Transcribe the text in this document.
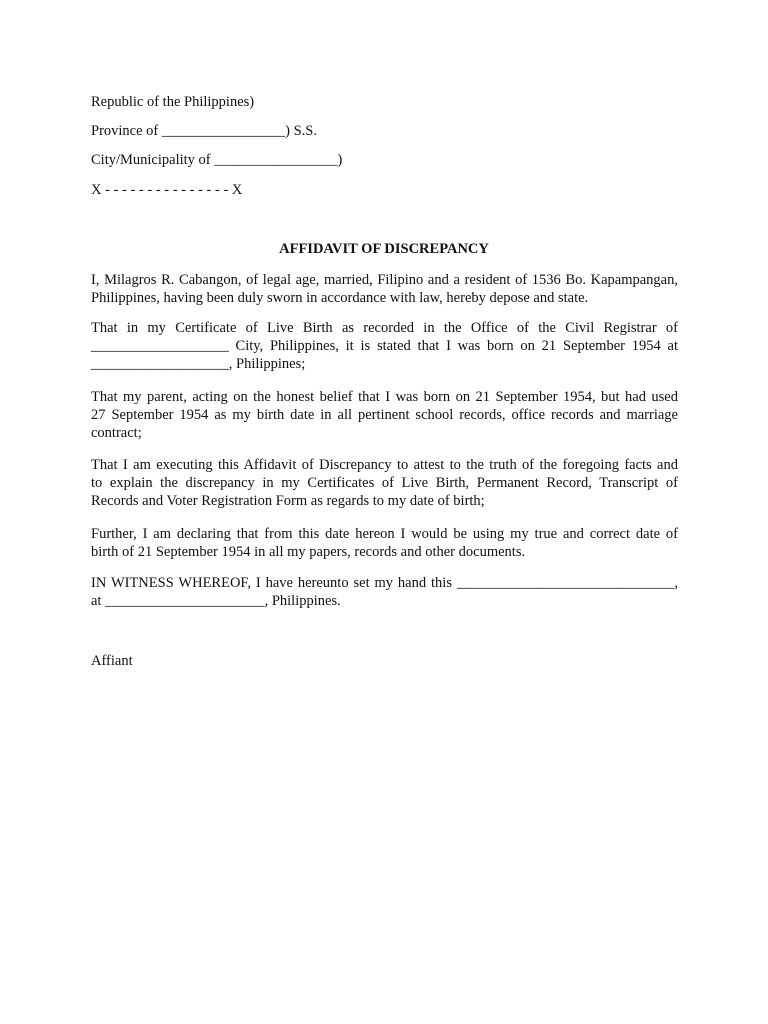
Republic of the Philippines)
Province of _________________) S.S.
City/Municipality of _________________)
X - - - - - - - - - - - - - - - X
AFFIDAVIT OF DISCREPANCY
I, Milagros R. Cabangon, of legal age, married, Filipino and a resident of 1536 Bo. Kapampangan,
Philippines, having been duly sworn in accordance with law, hereby depose and state.
That in my Certificate of Live Birth as recorded in the Office of the Civil Registrar of
___________________ City, Philippines, it is stated that I was born on 21 September 1954 at
___________________, Philippines;
That my parent, acting on the honest belief that I was born on 21 September 1954, but had used
27 September 1954 as my birth date in all pertinent school records, office records and marriage
contract;
That I am executing this Affidavit of Discrepancy to attest to the truth of the foregoing facts and
to explain the discrepancy in my Certificates of Live Birth, Permanent Record, Transcript of
Records and Voter Registration Form as regards to my date of birth;
Further, I am declaring that from this date hereon I would be using my true and correct date of
birth of 21 September 1954 in all my papers, records and other documents.
IN WITNESS WHEREOF, I have hereunto set my hand this ______________________________,
at ______________________, Philippines.
Affiant
